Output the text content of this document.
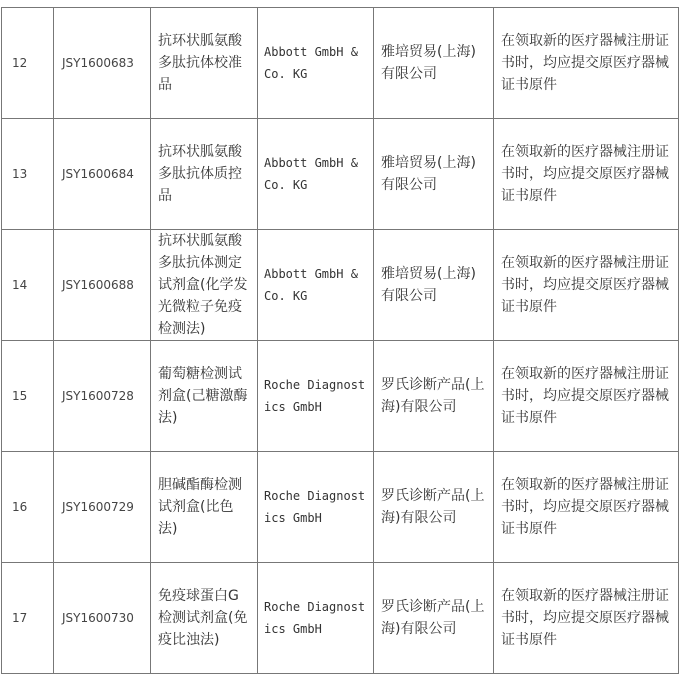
12	JSY1600683	抗环状胍氨酸多肽抗体校准品	Abbott GmbH & Co. KG	雅培贸易(上海)有限公司	在领取新的医疗器械注册证书时，均应提交原医疗器械证书原件
13	JSY1600684	抗环状胍氨酸多肽抗体质控品	Abbott GmbH & Co. KG	雅培贸易(上海)有限公司	在领取新的医疗器械注册证书时，均应提交原医疗器械证书原件
14	JSY1600688	抗环状胍氨酸多肽抗体测定试剂盒(化学发光微粒子免疫检测法)	Abbott GmbH & Co. KG	雅培贸易(上海)有限公司	在领取新的医疗器械注册证书时，均应提交原医疗器械证书原件
15	JSY1600728	葡萄糖检测试剂盒(己糖激酶法)	Roche Diagnostics GmbH	罗氏诊断产品(上海)有限公司	在领取新的医疗器械注册证书时，均应提交原医疗器械证书原件
16	JSY1600729	胆碱酯酶检测试剂盒(比色法)	Roche Diagnostics GmbH	罗氏诊断产品(上海)有限公司	在领取新的医疗器械注册证书时，均应提交原医疗器械证书原件
17	JSY1600730	免疫球蛋白G检测试剂盒(免疫比浊法)	Roche Diagnostics GmbH	罗氏诊断产品(上海)有限公司	在领取新的医疗器械注册证书时，均应提交原医疗器械证书原件
